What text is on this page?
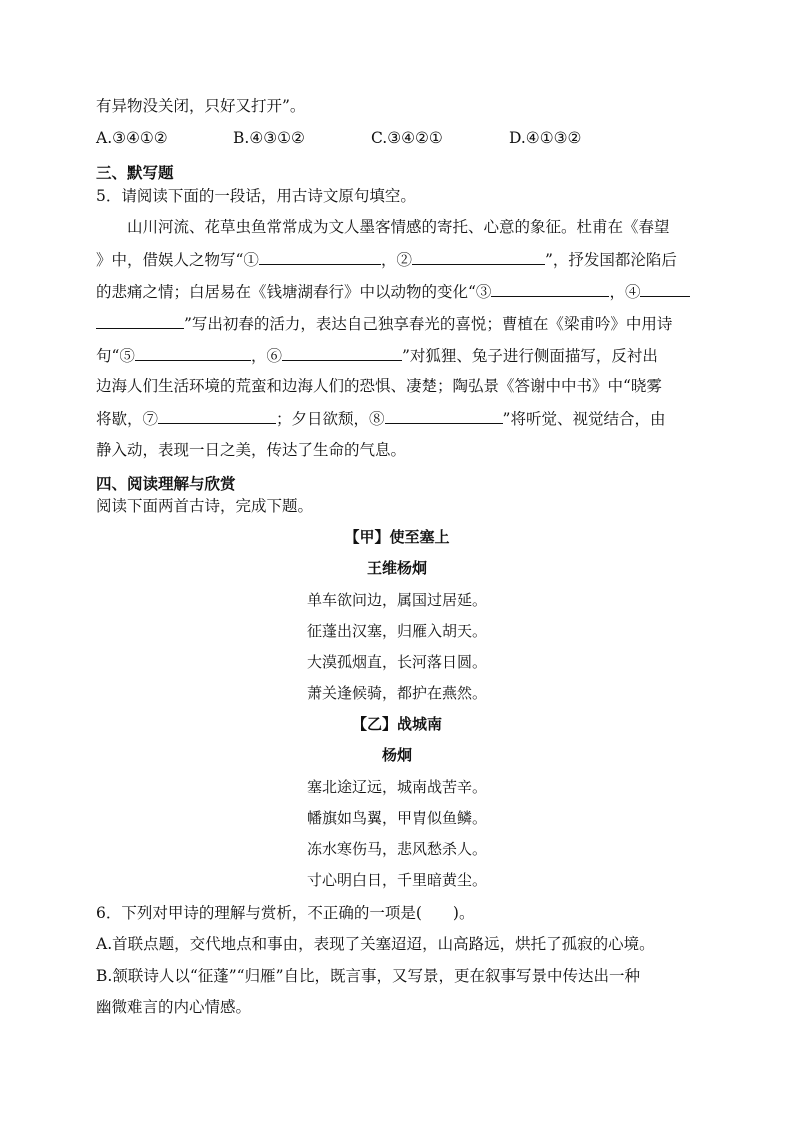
有异物没关闭，只好又打开”。
A.③④①②	B.④③①②	C.③④②①	D.④①③②
三、默写题
5．请阅读下面的一段话，用古诗文原句填空。
山川河流、花草虫鱼常常成为文人墨客情感的寄托、心意的象征。杜甫在《春望
》中，借娱人之物写“①	，②	”，抒发国都沦陷后
的悲痛之情；白居易在《钱塘湖春行》中以动物的变化“③	，④
”写出初春的活力，表达自己独享春光的喜悦；曹植在《梁甫吟》中用诗
句“⑤	，⑥	”对狐狸、兔子进行侧面描写，反衬出
边海人们生活环境的荒蛮和边海人们的恐惧、凄楚；陶弘景《答谢中中书》中“晓雾
将歇，⑦	；夕日欲颓，⑧	”将听觉、视觉结合，由
静入动，表现一日之美，传达了生命的气息。
四、阅读理解与欣赏
阅读下面两首古诗，完成下题。
【甲】使至塞上
王维杨炯
单车欲问边，属国过居延。
征蓬出汉塞，归雁入胡天。
大漠孤烟直，长河落日圆。
萧关逢候骑，都护在燕然。
【乙】战城南
杨炯
塞北途辽远，城南战苦辛。
幡旗如鸟翼，甲胄似鱼鳞。
冻水寒伤马，悲风愁杀人。
寸心明白日，千里暗黄尘。
6．下列对甲诗的理解与赏析，不正确的一项是(　　)。
A.首联点题，交代地点和事由，表现了关塞迢迢，山高路远，烘托了孤寂的心境。
B.颔联诗人以“征蓬”“归雁”自比，既言事，又写景，更在叙事写景中传达出一种
幽微难言的内心情感。
